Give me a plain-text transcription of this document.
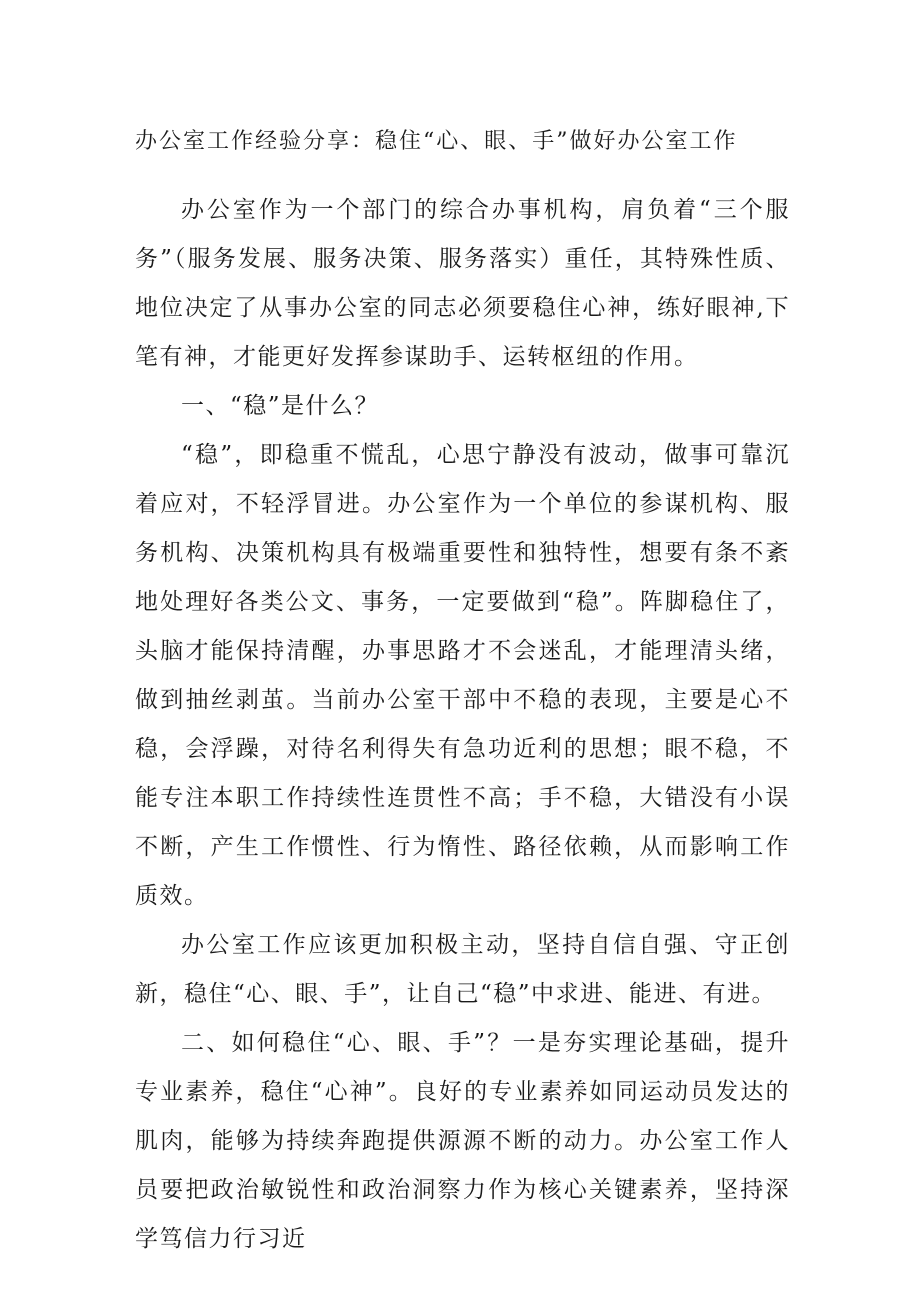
办公室工作经验分享：稳住“心、眼、手”做好办公室工作

办公室作为一个部门的综合办事机构，肩负着“三个服务”（服务发展、服务决策、服务落实）重任，其特殊性质、地位决定了从事办公室的同志必须要稳住心神，练好眼神,下笔有神，才能更好发挥参谋助手、运转枢纽的作用。

一、“稳”是什么？

“稳”，即稳重不慌乱，心思宁静没有波动，做事可靠沉着应对，不轻浮冒进。办公室作为一个单位的参谋机构、服务机构、决策机构具有极端重要性和独特性，想要有条不紊地处理好各类公文、事务，一定要做到“稳”。阵脚稳住了，头脑才能保持清醒，办事思路才不会迷乱，才能理清头绪，做到抽丝剥茧。当前办公室干部中不稳的表现，主要是心不稳，会浮躁，对待名利得失有急功近利的思想；眼不稳，不能专注本职工作持续性连贯性不高；手不稳，大错没有小误不断，产生工作惯性、行为惰性、路径依赖，从而影响工作质效。

办公室工作应该更加积极主动，坚持自信自强、守正创新，稳住“心、眼、手”，让自己“稳”中求进、能进、有进。

二、如何稳住“心、眼、手”？一是夯实理论基础，提升专业素养，稳住“心神”。良好的专业素养如同运动员发达的肌肉，能够为持续奔跑提供源源不断的动力。办公室工作人员要把政治敏锐性和政治洞察力作为核心关键素养，坚持深学笃信力行习近
